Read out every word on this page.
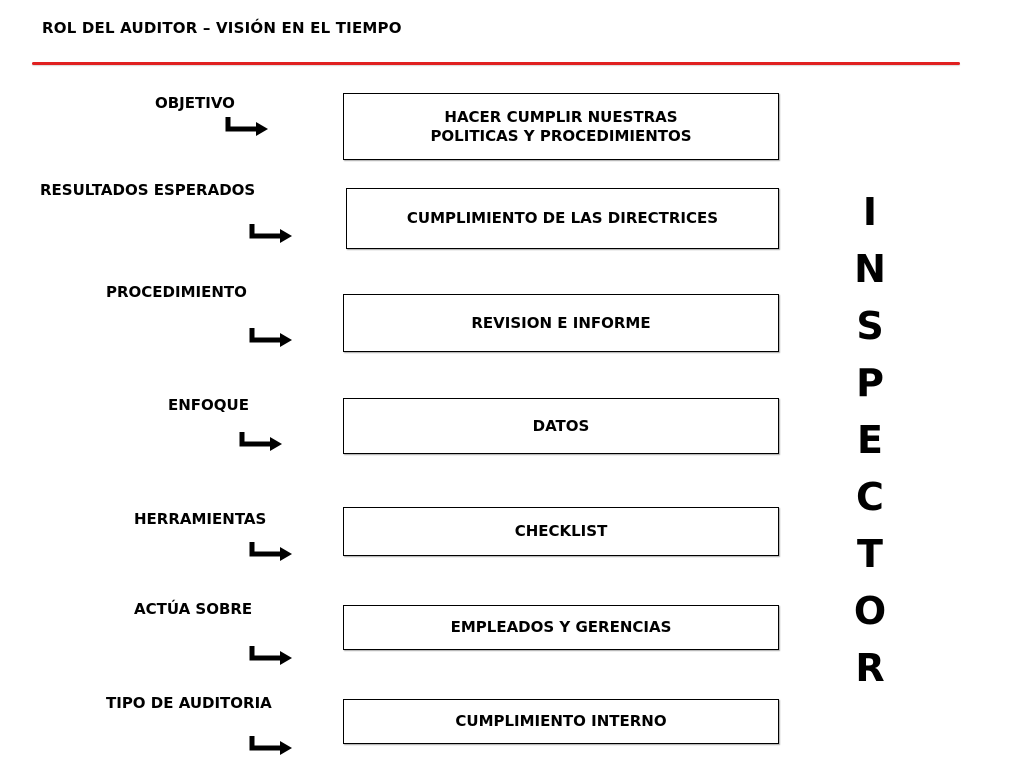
ROL DEL AUDITOR – VISIÓN EN EL TIEMPO
OBJETIVO
HACER CUMPLIR NUESTRAS
POLITICAS Y PROCEDIMIENTOS
RESULTADOS ESPERADOS
CUMPLIMIENTO DE LAS DIRECTRICES
PROCEDIMIENTO
REVISION E INFORME
ENFOQUE
DATOS
HERRAMIENTAS
CHECKLIST
ACTÚA SOBRE
EMPLEADOS Y GERENCIAS
TIPO DE AUDITORIA
CUMPLIMIENTO INTERNO
I
N
S
P
E
C
T
O
R
